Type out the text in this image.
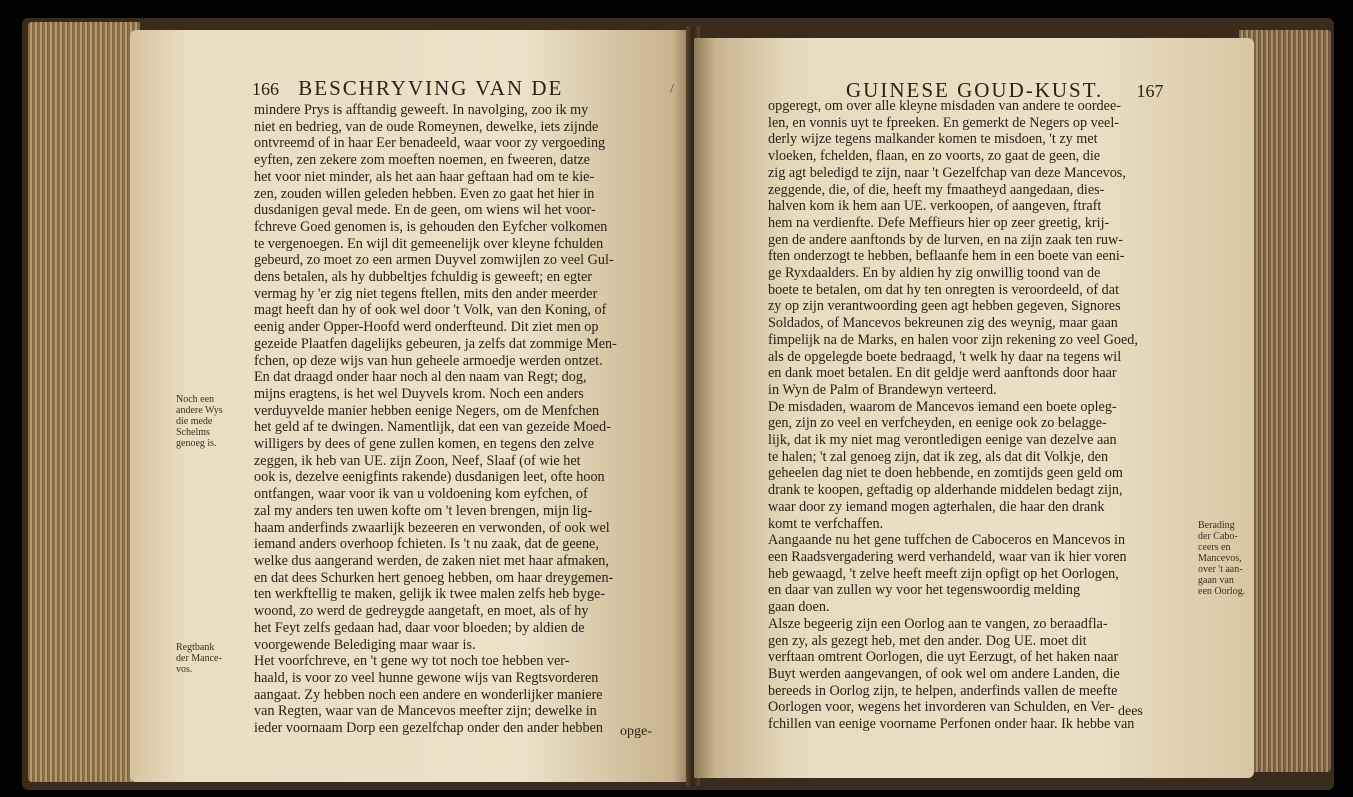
166 BESCHRYVING VAN DE	/
mindere Prys is afftandig geweeft. In navolging, zoo ik my
niet en bedrieg, van de oude Romeynen, dewelke, iets zijnde
ontvreemd of in haar Eer benadeeld, waar voor zy vergoeding
eyften, zen zekere zom moeften noemen, en fweeren, datze
het voor niet minder, als het aan haar geftaan had om te kie-
zen, zouden willen geleden hebben. Even zo gaat het hier in
dusdanigen geval mede. En de geen, om wiens wil het voor-
fchreve Goed genomen is, is gehouden den Eyfcher volkomen
te vergenoegen. En wijl dit gemeenelijk over kleyne fchulden
gebeurd, zo moet zo een armen Duyvel zomwijlen zo veel Gul-
dens betalen, als hy dubbeltjes fchuldig is geweeft; en egter
vermag hy 'er zig niet tegens ftellen, mits den ander meerder
magt heeft dan hy of ook wel door 't Volk, van den Koning, of
eenig ander Opper-Hoofd werd onderfteund. Dit ziet men op
gezeide Plaatfen dagelijks gebeuren, ja zelfs dat zommige Men-
fchen, op deze wijs van hun geheele armoedje werden ontzet.
En dat draagd onder haar noch al den naam van Regt; dog,
mijns eragtens, is het wel Duyvels krom. Noch een anders
verduyvelde manier hebben eenige Negers, om de Menfchen
het geld af te dwingen. Namentlijk, dat een van gezeide Moed-
willigers by dees of gene zullen komen, en tegens den zelve
zeggen, ik heb van UE. zijn Zoon, Neef, Slaaf (of wie het
ook is, dezelve eenigfints rakende) dusdanigen leet, ofte hoon
ontfangen, waar voor ik van u voldoening kom eyfchen, of
zal my anders ten uwen kofte om 't leven brengen, mijn lig-
haam anderfinds zwaarlijk bezeeren en verwonden, of ook wel
iemand anders overhoop fchieten. Is 't nu zaak, dat de geene,
welke dus aangerand werden, de zaken niet met haar afmaken,
en dat dees Schurken hert genoeg hebben, om haar dreygemen-
ten werkftellig te maken, gelijk ik twee malen zelfs heb byge-
woond, zo werd de gedreygde aangetaft, en moet, als of hy
het Feyt zelfs gedaan had, daar voor bloeden; by aldien de
voorgewende Belediging maar waar is.
Het voorfchreve, en 't gene wy tot noch toe hebben ver-
haald, is voor zo veel hunne gewone wijs van Regtsvorderen
aangaat. Zy hebben noch een andere en wonderlijker maniere
van Regten, waar van de Mancevos meefter zijn; dewelke in
ieder voornaam Dorp een gezelfchap onder den ander hebben
Noch een
andere Wys
die mede
Schelms
genoeg is.
Regtbank
der Mance-
vos.
opge-
GUINESE GOUD-KUST. 167
opgeregt, om over alle kleyne misdaden van andere te oordee-
len, en vonnis uyt te fpreeken. En gemerkt de Negers op veel-
derly wijze tegens malkander komen te misdoen, 't zy met
vloeken, fchelden, flaan, en zo voorts, zo gaat de geen, die
zig agt beledigd te zijn, naar 't Gezelfchap van deze Mancevos,
zeggende, die, of die, heeft my fmaatheyd aangedaan, dies-
halven kom ik hem aan UE. verkoopen, of aangeven, ftraft
hem na verdienfte. Defe Meffieurs hier op zeer greetig, krij-
gen de andere aanftonds by de lurven, en na zijn zaak ten ruw-
ften onderzogt te hebben, beflaanfe hem in een boete van eeni-
ge Ryxdaalders. En by aldien hy zig onwillig toond van de
boete te betalen, om dat hy ten onregten is veroordeeld, of dat
zy op zijn verantwoording geen agt hebben gegeven, Signores
Soldados, of Mancevos bekreunen zig des weynig, maar gaan
fimpelijk na de Marks, en halen voor zijn rekening zo veel Goed,
als de opgelegde boete bedraagd, 't welk hy daar na tegens wil
en dank moet betalen. En dit geldje werd aanftonds door haar
in Wyn de Palm of Brandewyn verteerd.
De misdaden, waarom de Mancevos iemand een boete opleg-
gen, zijn zo veel en verfcheyden, en eenige ook zo belagge-
lijk, dat ik my niet mag verontledigen eenige van dezelve aan
te halen; 't zal genoeg zijn, dat ik zeg, als dat dit Volkje, den
geheelen dag niet te doen hebbende, en zomtijds geen geld om
drank te koopen, geftadig op alderhande middelen bedagt zijn,
waar door zy iemand mogen agterhalen, die haar den drank
komt te verfchaffen.
Aangaande nu het gene tuffchen de Caboceros en Mancevos in
een Raadsvergadering werd verhandeld, waar van ik hier voren
heb gewaagd, 't zelve heeft meeft zijn opfigt op het Oorlogen,
en daar van zullen wy voor het tegenswoordig melding
gaan doen.
Alsze begeerig zijn een Oorlog aan te vangen, zo beraadfla-
gen zy, als gezegt heb, met den ander. Dog UE. moet dit
verftaan omtrent Oorlogen, die uyt Eerzugt, of het haken naar
Buyt werden aangevangen, of ook wel om andere Landen, die
bereeds in Oorlog zijn, te helpen, anderfinds vallen de meefte
Oorlogen voor, wegens het invorderen van Schulden, en Ver-
fchillen van eenige voorname Perfonen onder haar. Ik hebbe van
Berading
der Cabo-
ceers en
Mancevos,
over 't aan-
gaan van
een Oorlog.
dees
